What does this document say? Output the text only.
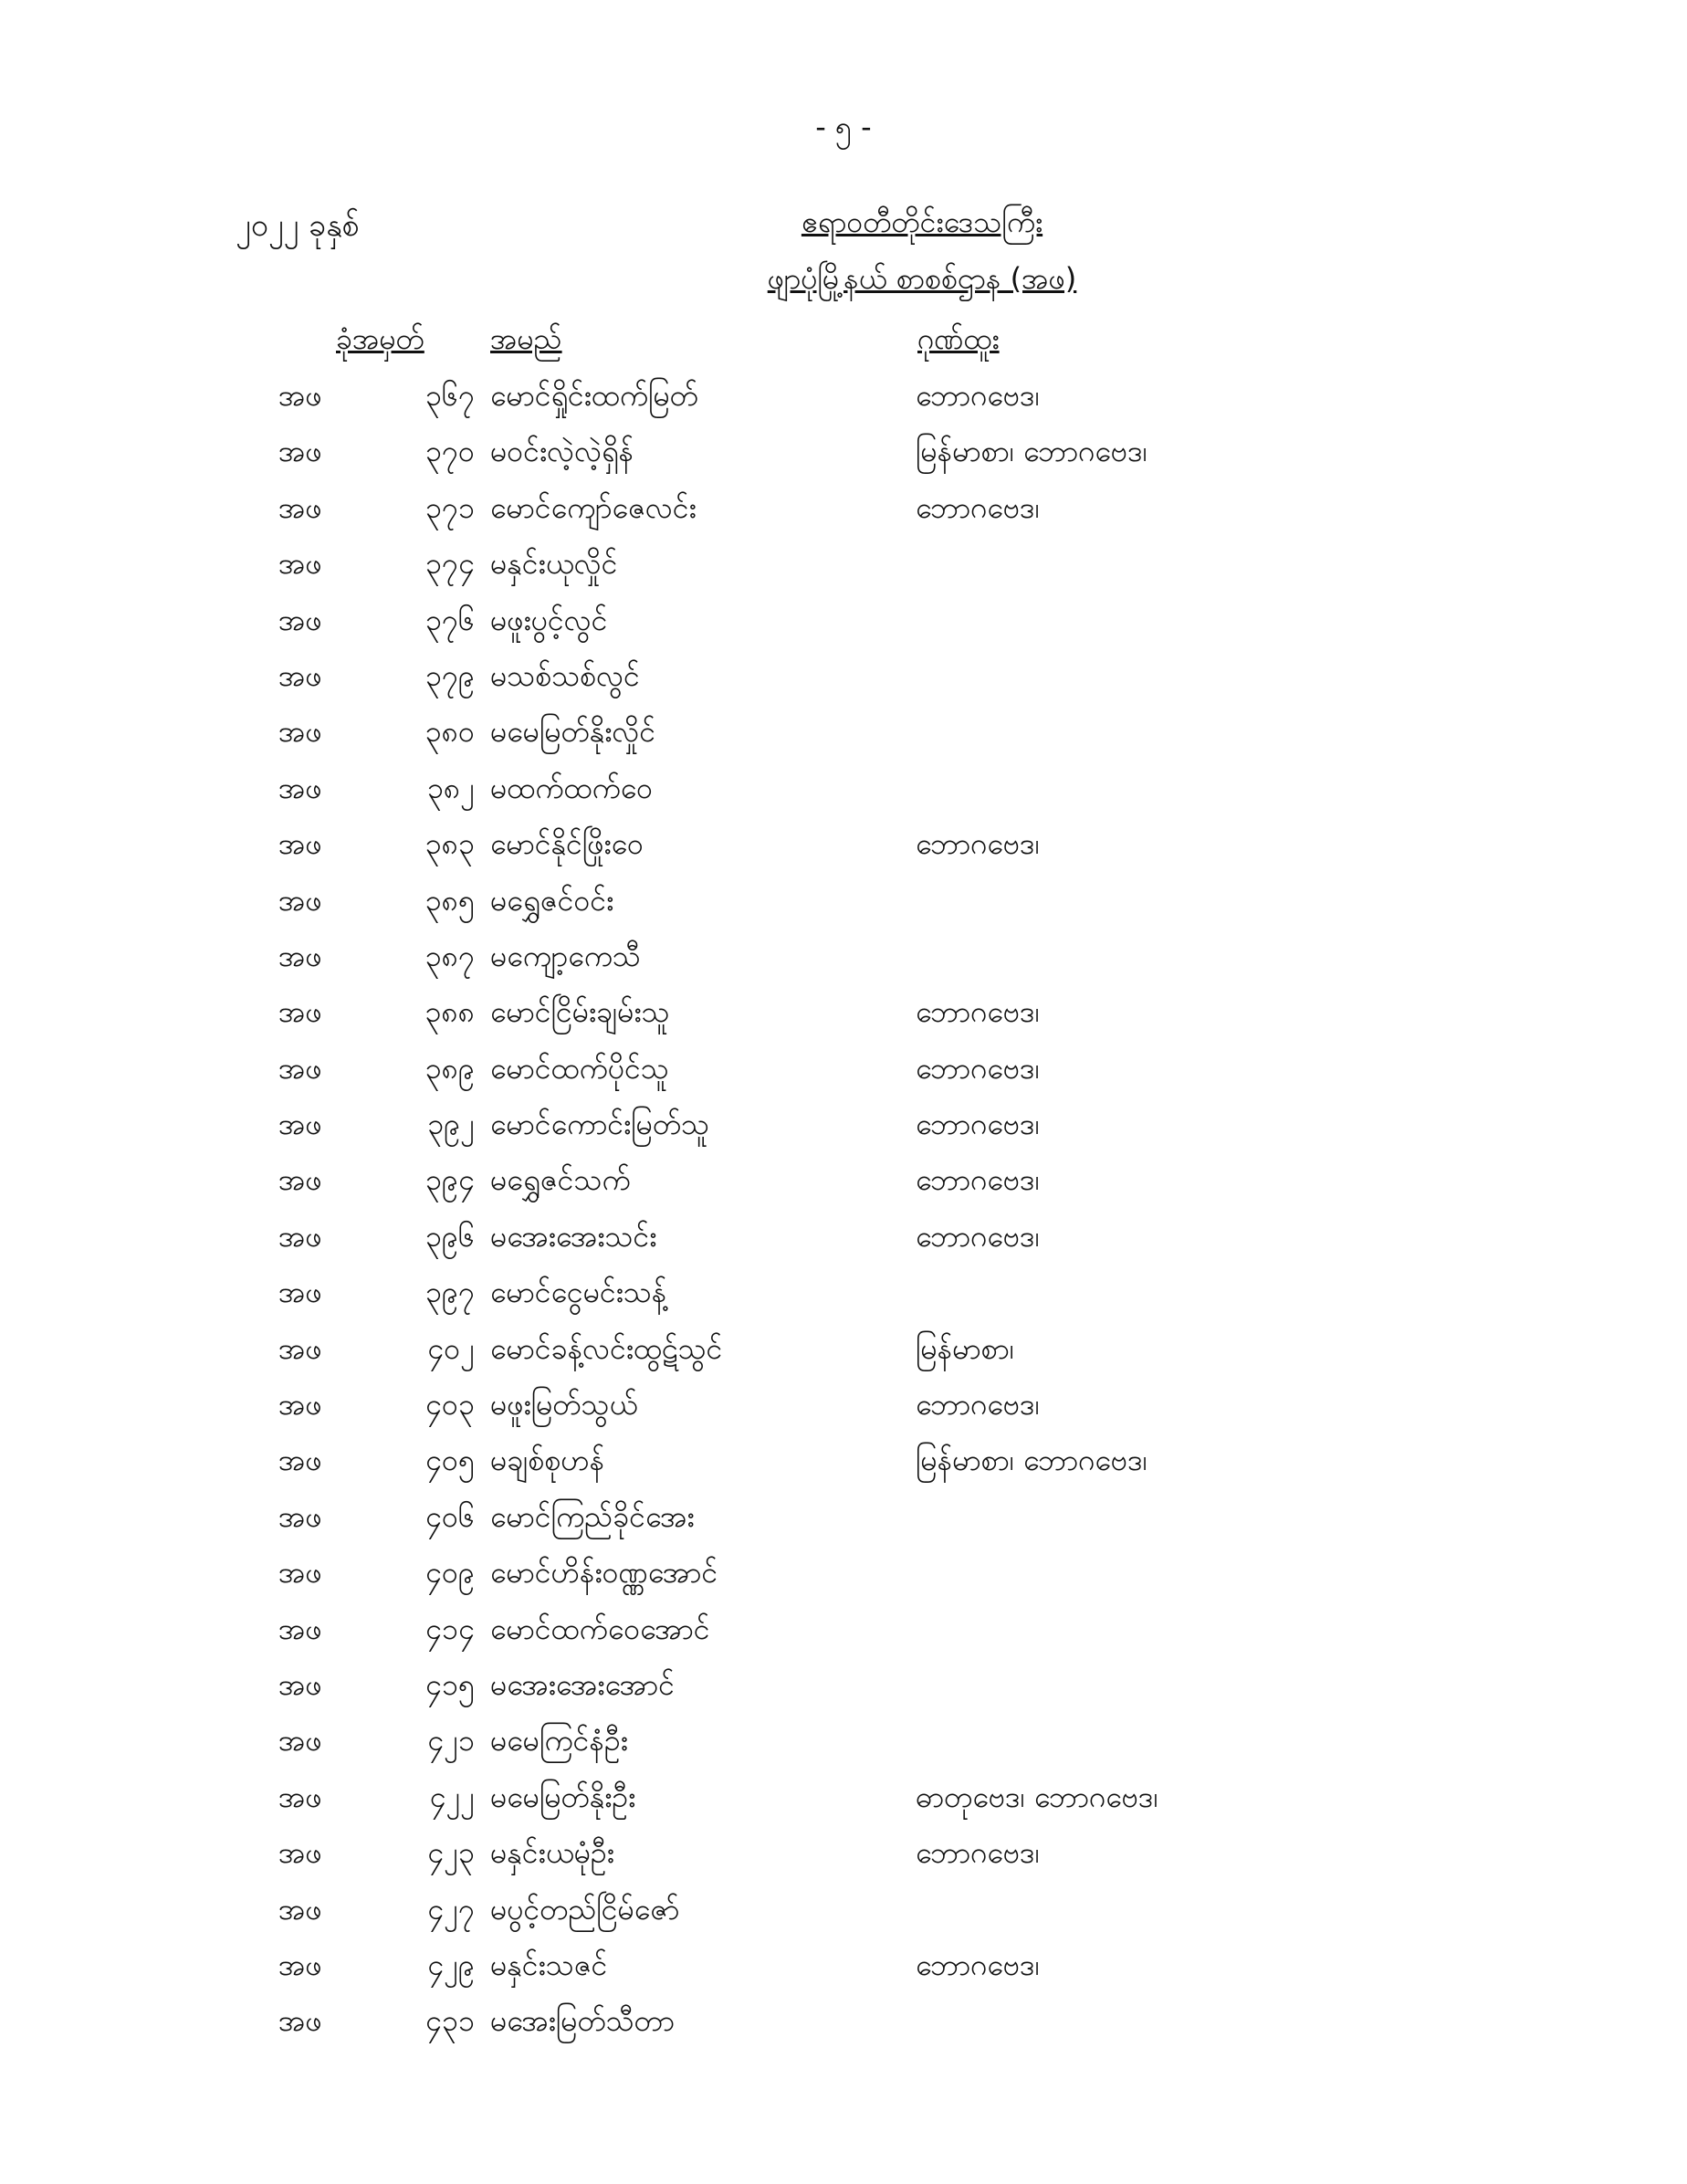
- ၅ -
၂၀၂၂ ခုနှစ်	ဧရာဝတီတိုင်းဒေသကြီး
ဖျာပုံမြို့နယ် စာစစ်ဌာန (အဖ)
ခုံအမှတ် အမည်	ဂုဏ်ထူး
အဖ	၃၆၇ မောင်ရှိုင်းထက်မြတ်	ဘောဂဗေဒ၊
အဖ	၃၇၀ မဝင်းလဲ့လဲ့ရှိန်	မြန်မာစာ၊ ဘောဂဗေဒ၊
အဖ	၃၇၁ မောင်ကျော်ဇေလင်း	ဘောဂဗေဒ၊
အဖ	၃၇၄ မနှင်းယုလှိုင်
အဖ	၃၇၆ မဖူးပွင့်လွင်
အဖ	၃၇၉ မသစ်သစ်လွင်
အဖ	၃၈၀ မမေမြတ်နိုးလှိုင်
အဖ	၃၈၂ မထက်ထက်ဝေ
အဖ	၃၈၃ မောင်နိုင်ဖြိုးဝေ	ဘောဂဗေဒ၊
အဖ	၃၈၅ မရွှေဇင်ဝင်း
အဖ	၃၈၇ မကျော့ကေသီ
အဖ	၃၈၈ မောင်ငြိမ်းချမ်းသူ	ဘောဂဗေဒ၊
အဖ	၃၈၉ မောင်ထက်ပိုင်သူ	ဘောဂဗေဒ၊
အဖ	၃၉၂ မောင်ကောင်းမြတ်သူ	ဘောဂဗေဒ၊
အဖ	၃၉၄ မရွှေဇင်သက်	ဘောဂဗေဒ၊
အဖ	၃၉၆ မအေးအေးသင်း	ဘောဂဗေဒ၊
အဖ	၃၉၇ မောင်ငွေမင်းသန့်
အဖ	၄၀၂ မောင်ခန့်လင်းထွဋ်သွင်	မြန်မာစာ၊
အဖ	၄၀၃ မဖူးမြတ်သွယ်	ဘောဂဗေဒ၊
အဖ	၄၀၅ မချစ်စုဟန်	မြန်မာစာ၊ ဘောဂဗေဒ၊
အဖ	၄၀၆ မောင်ကြည်ခိုင်အေး
အဖ	၄၀၉ မောင်ဟိန်းဝဏ္ဏအောင်
အဖ	၄၁၄ မောင်ထက်ဝေအောင်
အဖ	၄၁၅ မအေးအေးအောင်
အဖ	၄၂၁ မမေကြင်နံဦး
အဖ	၄၂၂ မမေမြတ်နိုးဦး	ဓာတုဗေဒ၊ ဘောဂဗေဒ၊
အဖ	၄၂၃ မနှင်းယမုံဦး	ဘောဂဗေဒ၊
အဖ	၄၂၇ မပွင့်တည်ငြိမ်ဇော်
အဖ	၄၂၉ မနှင်းသဇင်	ဘောဂဗေဒ၊
အဖ	၄၃၁ မအေးမြတ်သီတာ
